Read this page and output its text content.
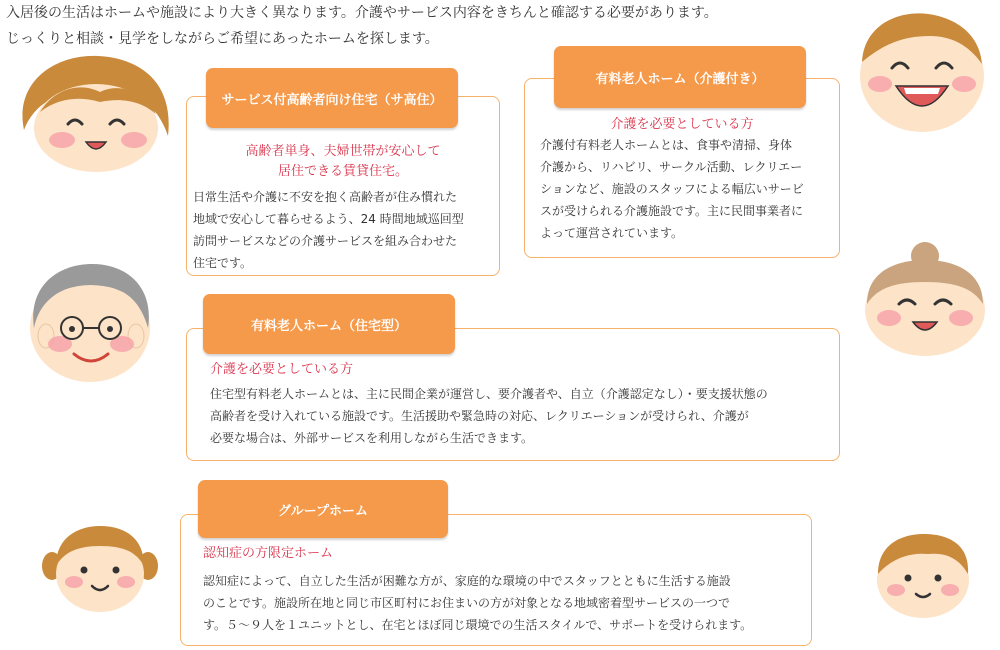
入居後の生活はホームや施設により大きく異なります。介護やサービス内容をきちんと確認する必要があります。

じっくりと相談・見学をしながらご希望にあったホームを探します。

サービス付高齢者向け住宅（サ高住）
高齢者単身、夫婦世帯が安心して
居住できる賃貸住宅。
日常生活や介護に不安を抱く高齢者が住み慣れた
地域で安心して暮らせるよう、24 時間地域巡回型
訪問サービスなどの介護サービスを組み合わせた
住宅です。
有料老人ホーム（介護付き）
介護を必要としている方
介護付有料老人ホームとは、食事や清掃、身体
介護から、リハビリ、サークル活動、レクリエー
ションなど、施設のスタッフによる幅広いサービ
スが受けられる介護施設です。主に民間事業者に
よって運営されています。
有料老人ホーム（住宅型）
介護を必要としている方
住宅型有料老人ホームとは、主に民間企業が運営し、要介護者や、自立（介護認定なし）・要支援状態の
高齢者を受け入れている施設です。生活援助や緊急時の対応、レクリエーションが受けられ、介護が
必要な場合は、外部サービスを利用しながら生活できます。
グループホーム
認知症の方限定ホーム
認知症によって、自立した生活が困難な方が、家庭的な環境の中でスタッフとともに生活する施設
のことです。施設所在地と同じ市区町村にお住まいの方が対象となる地域密着型サービスの一つで
す。５〜９人を１ユニットとし、在宅とほぼ同じ環境での生活スタイルで、サポートを受けられます。
